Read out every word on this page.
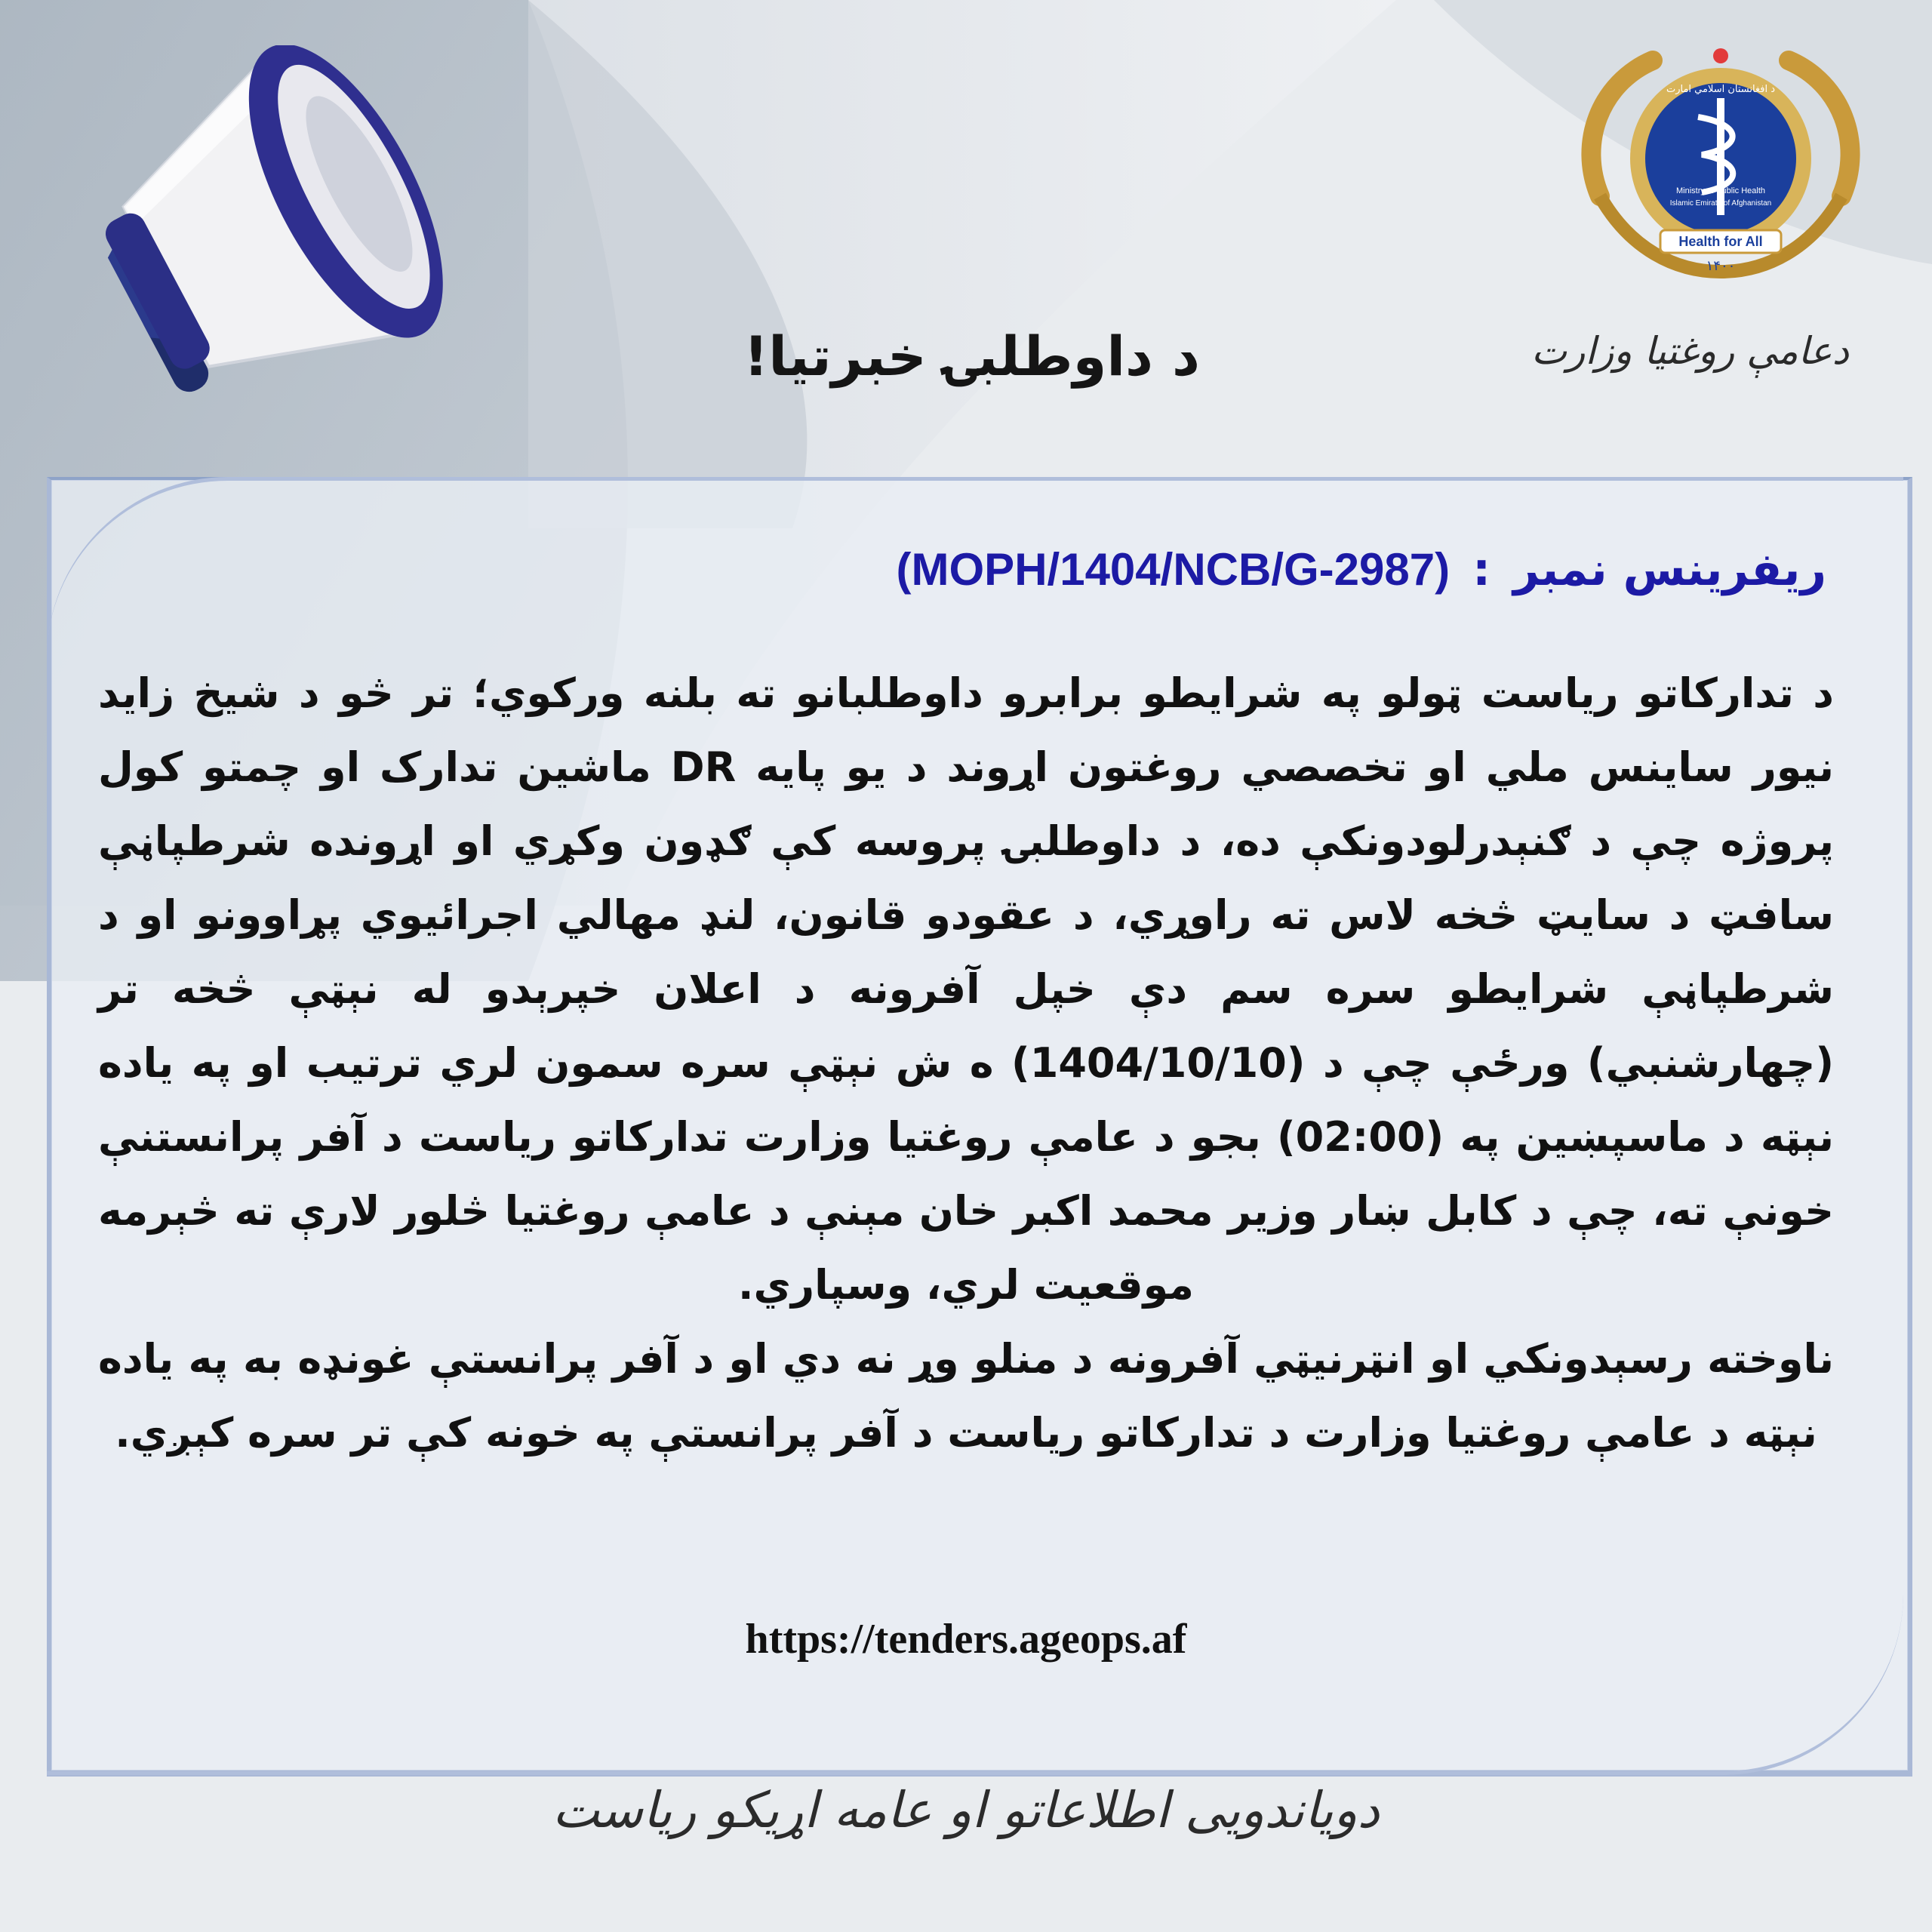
د داوطلبۍ خبرتیا!
Health for All
۱۴۰۰
Ministry of Public Health
Islamic Emirate of Afghanistan
د افغانستان اسلامي امارت
دعامې روغتیا وزارت
ریفرینس نمبر:(MOPH/1404/NCB/G-2987)
د تدارکاتو ریاست ټولو په شرایطو برابرو داوطلبانو ته بلنه ورکوي؛ تر څو د شیخ زاید نیور ساینس ملي او تخصصي روغتون اړوند د یو پایه DR ماشین تدارک او چمتو کول پروژه چې د ګنېدرلودونکې ده، د داوطلبۍ پروسه کې ګډون وکړي او اړونده شرطپاڼې سافټ د سایټ څخه لاس ته راوړي، د عقودو قانون، لنډ مهالي اجرائیوي پړاوونو او د شرطپاڼې شرایطو سره سم دې خپل آفرونه د اعلان خپرېدو له نېټې څخه تر (چهارشنبي) ورځې چې د (1404/10/10) ه ش نېټې سره سمون لري ترتیب او په یاده نېټه د ماسپښین په (02:00) بجو د عامې روغتیا وزارت تدارکاتو ریاست د آفر پرانستنې خونې ته، چې د کابل ښار وزیر محمد اکبر خان مېنې د عامې روغتیا څلور لارې ته څېرمه موقعیت لري، وسپاري.
ناوخته رسېدونکي او انټرنیټي آفرونه د منلو وړ نه دي او د آفر پرانستې غونډه به په یاده نېټه د عامې روغتیا وزارت د تدارکاتو ریاست د آفر پرانستې په خونه کې تر سره کېږي.
https://tenders.ageops.af
دویاندویی اطلاعاتو او عامه اړیکو ریاست
